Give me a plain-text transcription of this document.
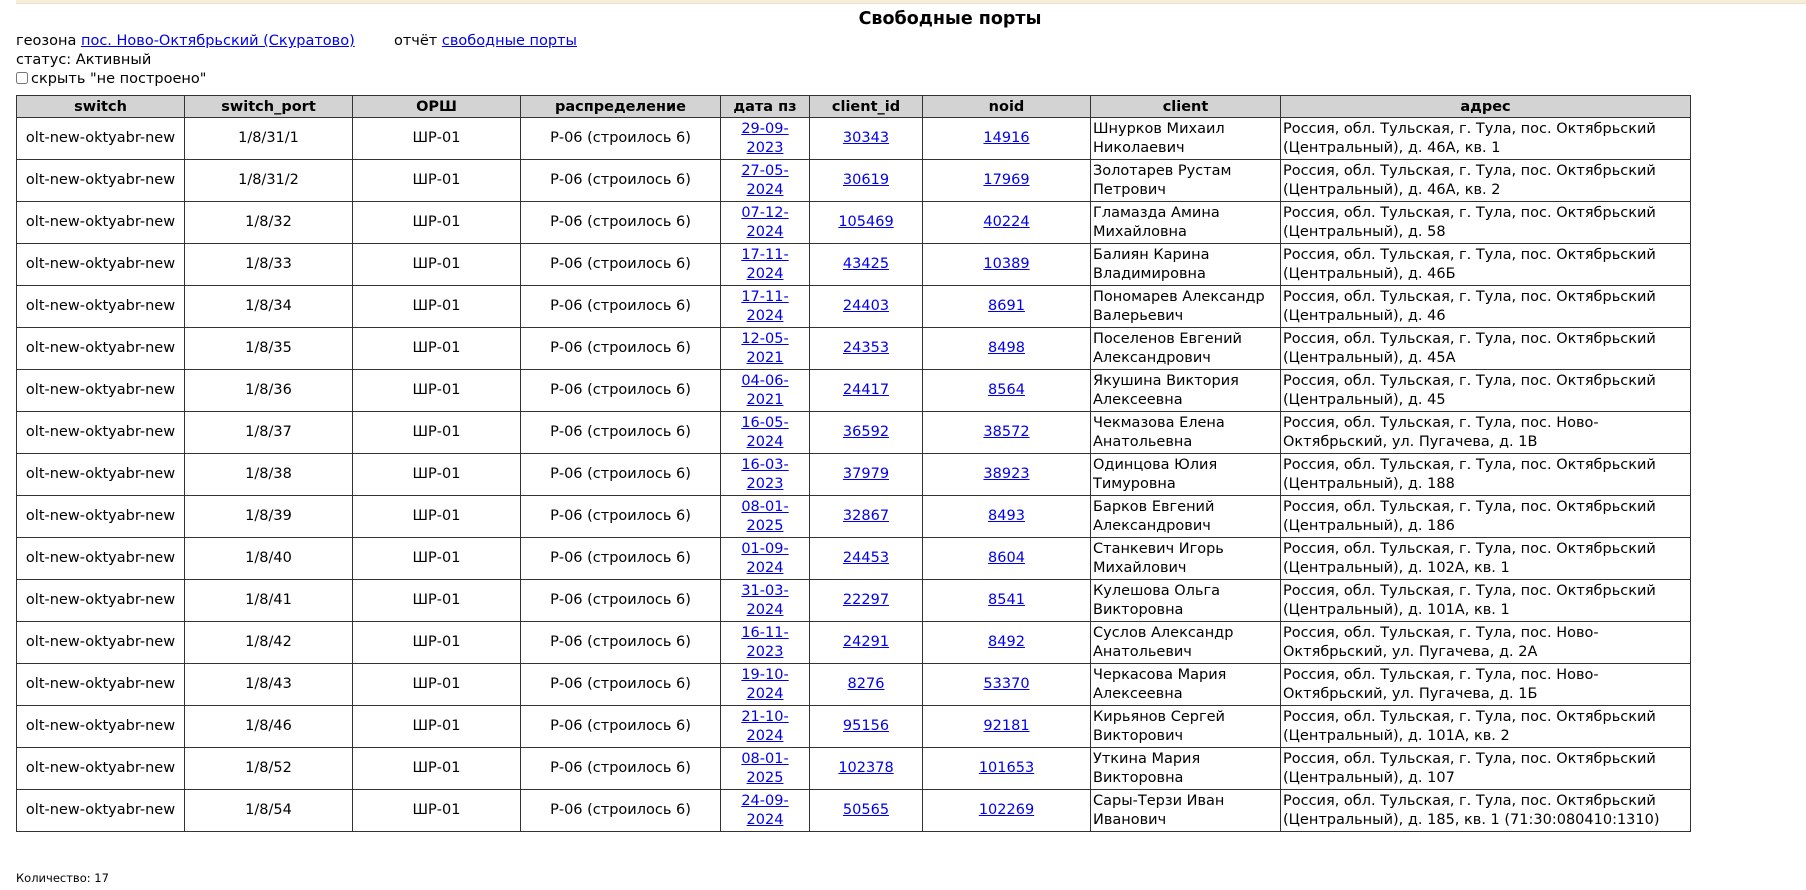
Свободные порты
геозона пос. Ново-Октябрьский (Скуратово)	отчёт свободные порты
статус: Активный
скрыть "не построено"
switch	switch_port	ОРШ	распределение	дата пз	client_id	noid	client	адрес
olt-new-oktyabr-new	1/8/31/1	ШР-01	Р-06 (строилось 6)	29-09-2023	30343	14916	Шнурков Михаил Николаевич	Россия, обл. Тульская, г. Тула, пос. Октябрьский (Центральный), д. 46А, кв. 1
olt-new-oktyabr-new	1/8/31/2	ШР-01	Р-06 (строилось 6)	27-05-2024	30619	17969	Золотарев Рустам Петрович	Россия, обл. Тульская, г. Тула, пос. Октябрьский (Центральный), д. 46А, кв. 2
olt-new-oktyabr-new	1/8/32	ШР-01	Р-06 (строилось 6)	07-12-2024	105469	40224	Гламазда Амина Михайловна	Россия, обл. Тульская, г. Тула, пос. Октябрьский (Центральный), д. 58
olt-new-oktyabr-new	1/8/33	ШР-01	Р-06 (строилось 6)	17-11-2024	43425	10389	Балиян Карина Владимировна	Россия, обл. Тульская, г. Тула, пос. Октябрьский (Центральный), д. 46Б
olt-new-oktyabr-new	1/8/34	ШР-01	Р-06 (строилось 6)	17-11-2024	24403	8691	Пономарев Александр Валерьевич	Россия, обл. Тульская, г. Тула, пос. Октябрьский (Центральный), д. 46
olt-new-oktyabr-new	1/8/35	ШР-01	Р-06 (строилось 6)	12-05-2021	24353	8498	Поселенов Евгений Александрович	Россия, обл. Тульская, г. Тула, пос. Октябрьский (Центральный), д. 45А
olt-new-oktyabr-new	1/8/36	ШР-01	Р-06 (строилось 6)	04-06-2021	24417	8564	Якушина Виктория Алексеевна	Россия, обл. Тульская, г. Тула, пос. Октябрьский (Центральный), д. 45
olt-new-oktyabr-new	1/8/37	ШР-01	Р-06 (строилось 6)	16-05-2024	36592	38572	Чекмазова Елена Анатольевна	Россия, обл. Тульская, г. Тула, пос. Ново-Октябрьский, ул. Пугачева, д. 1В
olt-new-oktyabr-new	1/8/38	ШР-01	Р-06 (строилось 6)	16-03-2023	37979	38923	Одинцова Юлия Тимуровна	Россия, обл. Тульская, г. Тула, пос. Октябрьский (Центральный), д. 188
olt-new-oktyabr-new	1/8/39	ШР-01	Р-06 (строилось 6)	08-01-2025	32867	8493	Барков Евгений Александрович	Россия, обл. Тульская, г. Тула, пос. Октябрьский (Центральный), д. 186
olt-new-oktyabr-new	1/8/40	ШР-01	Р-06 (строилось 6)	01-09-2024	24453	8604	Станкевич Игорь Михайлович	Россия, обл. Тульская, г. Тула, пос. Октябрьский (Центральный), д. 102А, кв. 1
olt-new-oktyabr-new	1/8/41	ШР-01	Р-06 (строилось 6)	31-03-2024	22297	8541	Кулешова Ольга Викторовна	Россия, обл. Тульская, г. Тула, пос. Октябрьский (Центральный), д. 101А, кв. 1
olt-new-oktyabr-new	1/8/42	ШР-01	Р-06 (строилось 6)	16-11-2023	24291	8492	Суслов Александр Анатольевич	Россия, обл. Тульская, г. Тула, пос. Ново-Октябрьский, ул. Пугачева, д. 2А
olt-new-oktyabr-new	1/8/43	ШР-01	Р-06 (строилось 6)	19-10-2024	8276	53370	Черкасова Мария Алексеевна	Россия, обл. Тульская, г. Тула, пос. Ново-Октябрьский, ул. Пугачева, д. 1Б
olt-new-oktyabr-new	1/8/46	ШР-01	Р-06 (строилось 6)	21-10-2024	95156	92181	Кирьянов Сергей Викторович	Россия, обл. Тульская, г. Тула, пос. Октябрьский (Центральный), д. 101А, кв. 2
olt-new-oktyabr-new	1/8/52	ШР-01	Р-06 (строилось 6)	08-01-2025	102378	101653	Уткина Мария Викторовна	Россия, обл. Тульская, г. Тула, пос. Октябрьский (Центральный), д. 107
olt-new-oktyabr-new	1/8/54	ШР-01	Р-06 (строилось 6)	24-09-2024	50565	102269	Сары-Терзи Иван Иванович	Россия, обл. Тульская, г. Тула, пос. Октябрьский (Центральный), д. 185, кв. 1 (71:30:080410:1310)
Количество: 17
